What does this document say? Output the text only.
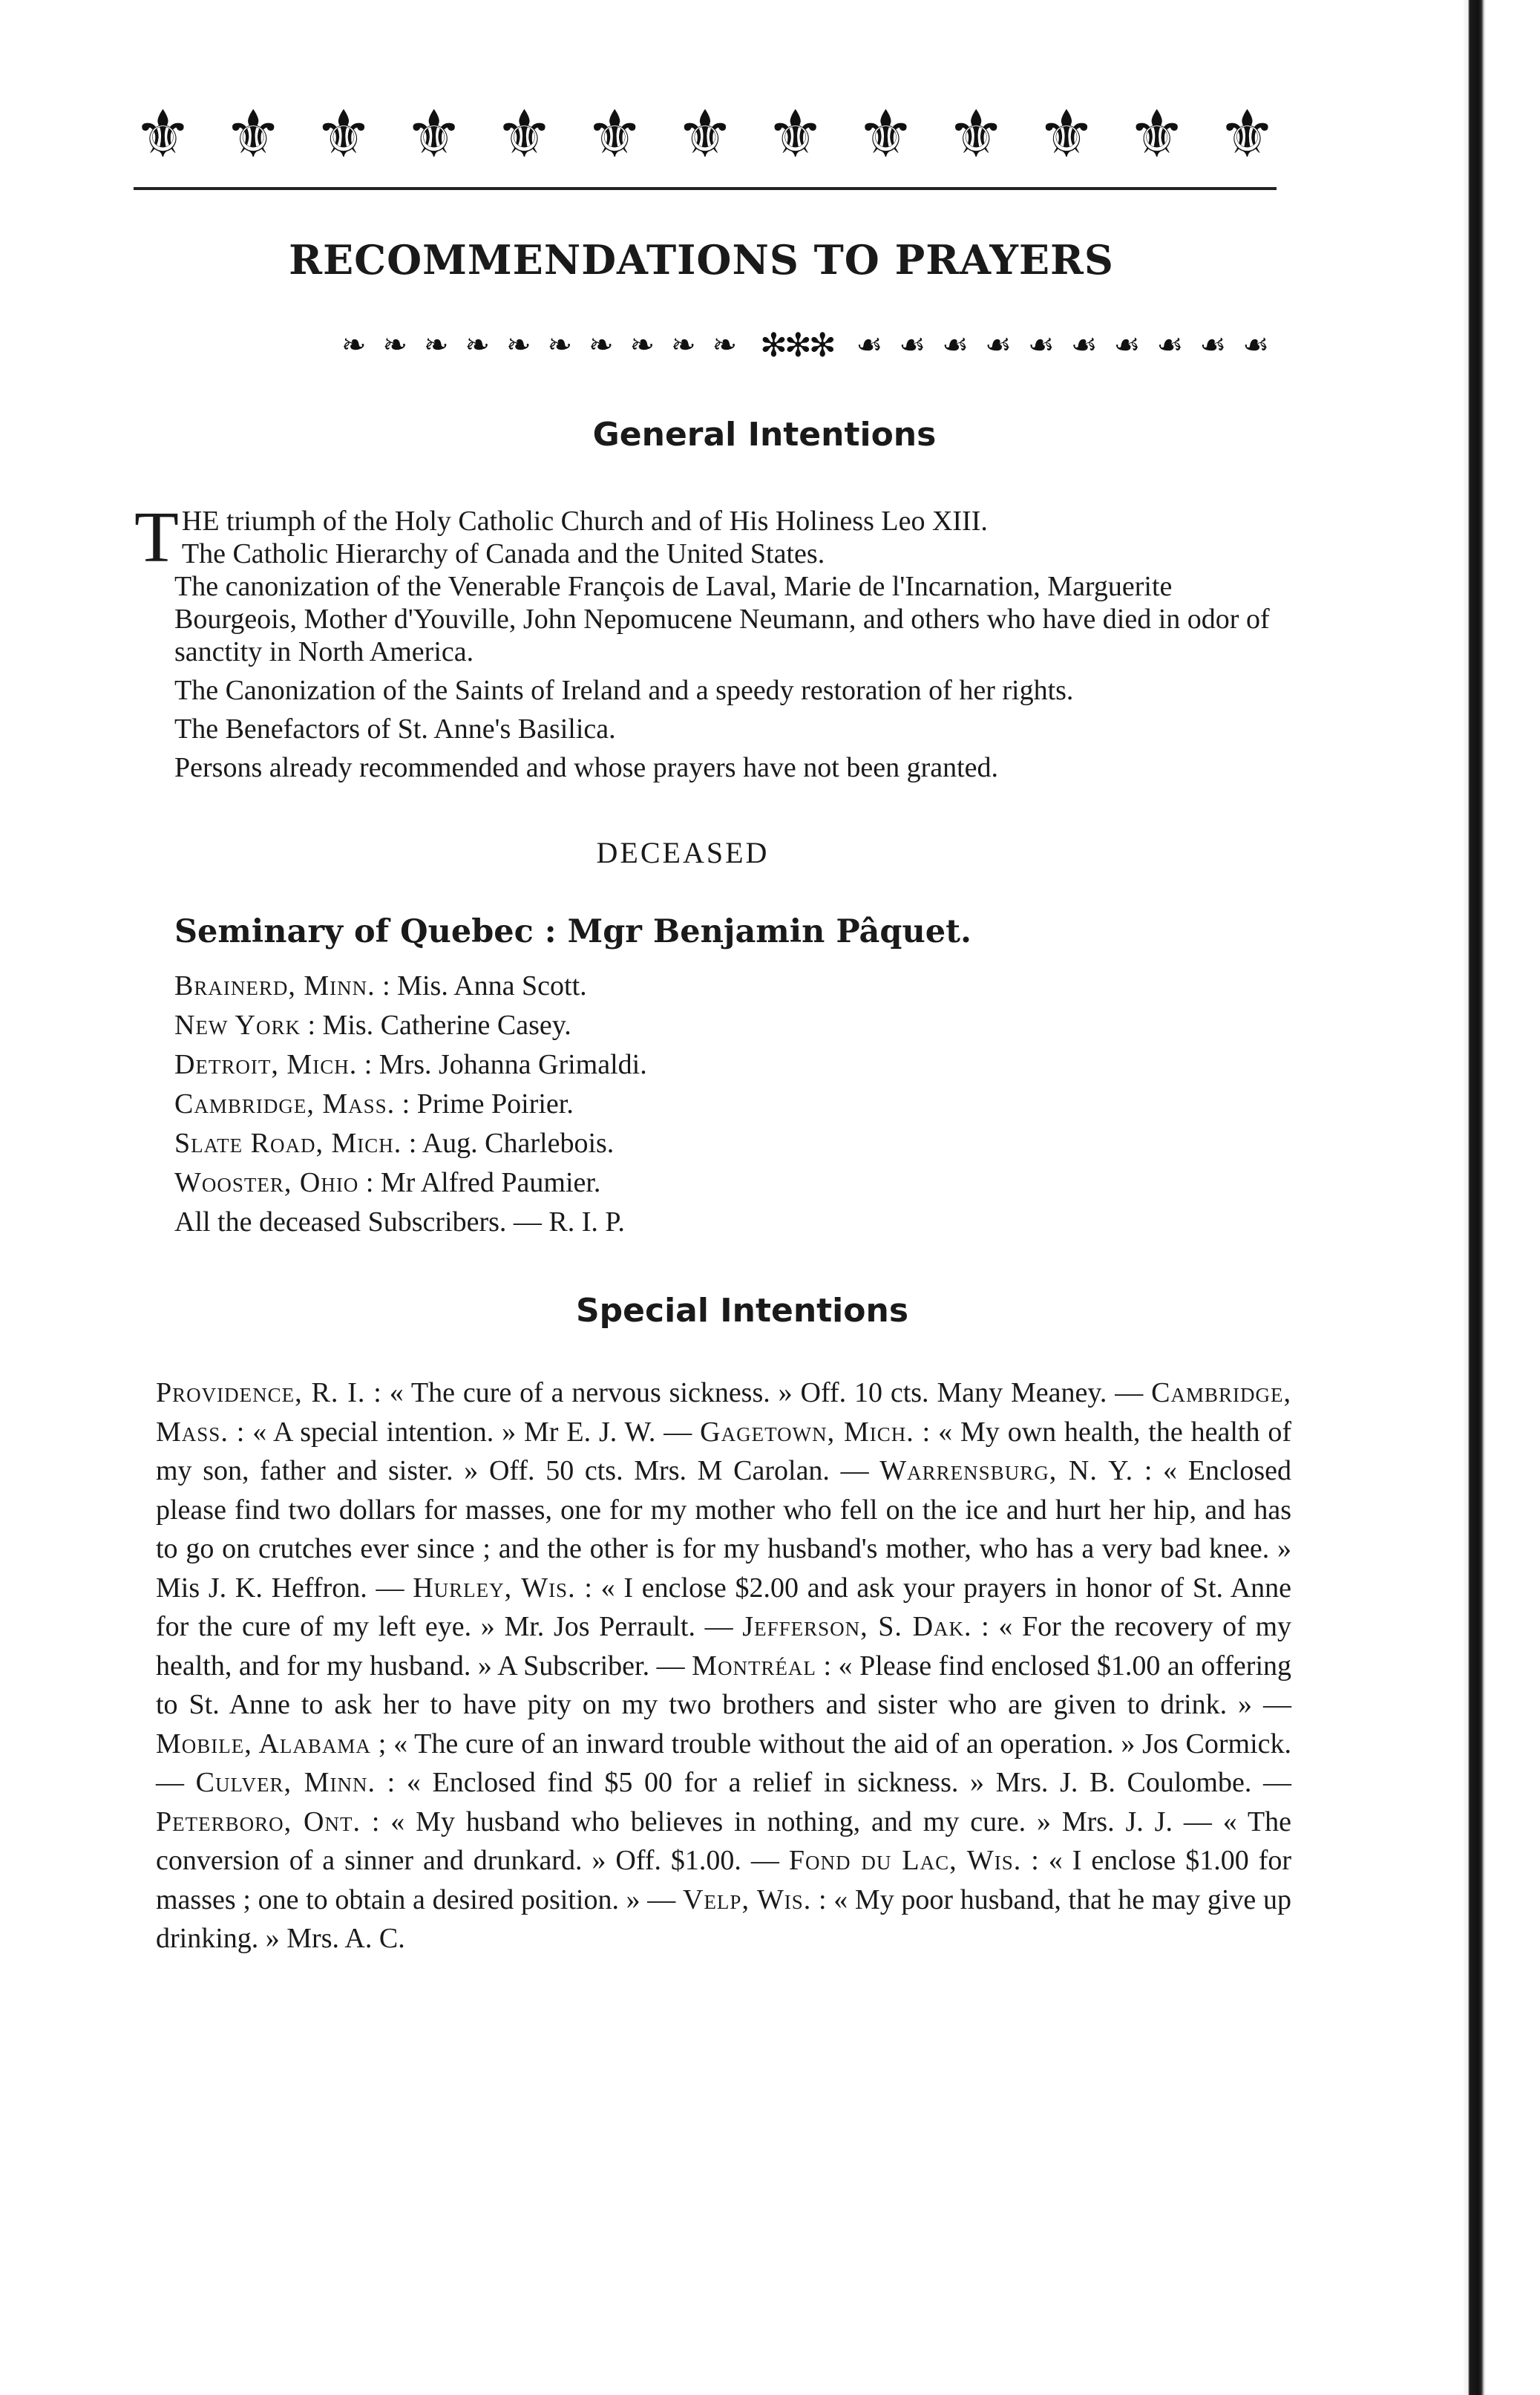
⚜ ⚜ ⚜ ⚜ ⚜ ⚜ ⚜ ⚜ ⚜ ⚜ ⚜ ⚜ ⚜
RECOMMENDATIONS TO PRAYERS
❧ ❧ ❧ ❧ ❧ ❧ ❧ ❧ ❧ ❧ ✻✻✻ ☙ ☙ ☙ ☙ ☙ ☙ ☙ ☙ ☙ ☙
General Intentions

THE triumph of the Holy Catholic Church and of His Holiness Leo XIII.

The Catholic Hierarchy of Canada and the United States.

The canonization of the Venerable François de Laval, Marie de l'Incarnation, Marguerite Bourgeois, Mother d'Youville, John Nepomucene Neumann, and others who have died in odor of sanctity in North America.

The Canonization of the Saints of Ireland and a speedy restoration of her rights.

The Benefactors of St. Anne's Basilica.

Persons already recommended and whose prayers have not been granted.

DECEASED
Seminary of Quebec : Mgr Benjamin Pâquet.
Brainerd, Minn. : Mis. Anna Scott.
New York : Mis. Catherine Casey.
Detroit, Mich. : Mrs. Johanna Grimaldi.
Cambridge, Mass. : Prime Poirier.
Slate Road, Mich. : Aug. Charlebois.
Wooster, Ohio : Mr Alfred Paumier.
All the deceased Subscribers. — R. I. P.
Special Intentions
Providence, R. I. : « The cure of a nervous sickness. » Off. 10 cts. Many Meaney. — Cambridge, Mass. : « A special intention. » Mr E. J. W. — Gagetown, Mich. : « My own health, the health of my son, father and sister. » Off. 50 cts. Mrs. M Carolan. — Warrensburg, N. Y. : « Enclosed please find two dollars for masses, one for my mother who fell on the ice and hurt her hip, and has to go on crutches ever since ; and the other is for my husband's mother, who has a very bad knee. » Mis J. K. Heffron. — Hurley, Wis. : « I enclose $2.00 and ask your prayers in honor of St. Anne for the cure of my left eye. » Mr. Jos Perrault. — Jefferson, S. Dak. : « For the recovery of my health, and for my husband. » A Subscriber. — Montréal : « Please find enclosed $1.00 an offering to St. Anne to ask her to have pity on my two brothers and sister who are given to drink. » — Mobile, Alabama ; « The cure of an inward trouble without the aid of an operation. » Jos Cormick. — Culver, Minn. : « Enclosed find $5 00 for a relief in sickness. » Mrs. J. B. Coulombe. — Peterboro, Ont. : « My husband who believes in nothing, and my cure. » Mrs. J. J. — « The conversion of a sinner and drunkard. » Off. $1.00. — Fond du Lac, Wis. : « I enclose $1.00 for masses ; one to obtain a desired position. » — Velp, Wis. : « My poor husband, that he may give up drinking. » Mrs. A. C.
